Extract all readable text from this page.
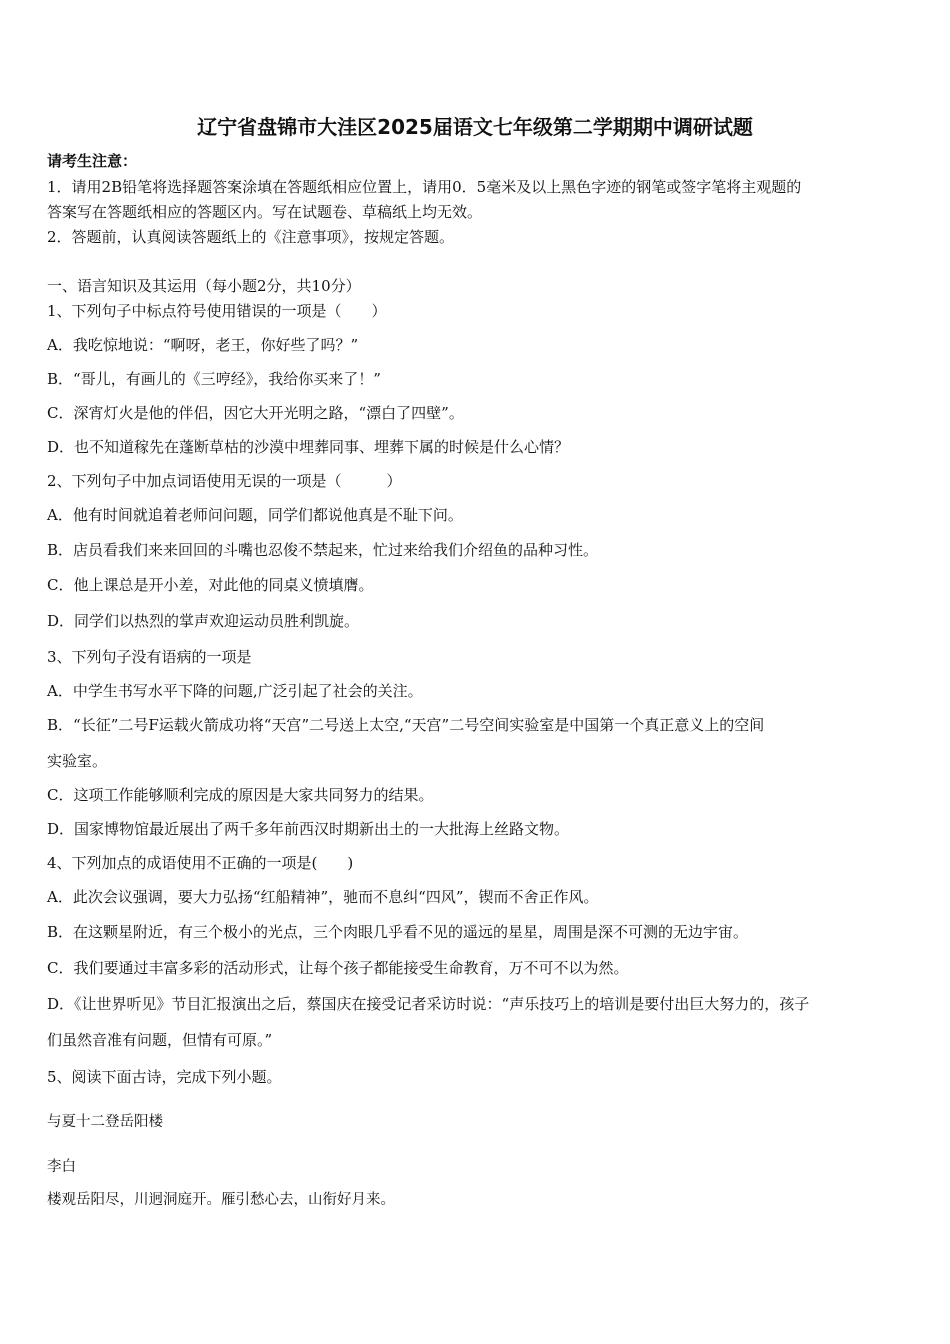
辽宁省盘锦市大洼区2025届语文七年级第二学期期中调研试题
请考生注意：
1．请用2B铅笔将选择题答案涂填在答题纸相应位置上，请用0．5毫米及以上黑色字迹的钢笔或签字笔将主观题的
答案写在答题纸相应的答题区内。写在试题卷、草稿纸上均无效。
2．答题前，认真阅读答题纸上的《注意事项》，按规定答题。
一、语言知识及其运用（每小题2分，共10分）
1、下列句子中标点符号使用错误的一项是（　　）
A．我吃惊地说：“啊呀，老王，你好些了吗？”
B．“哥儿，有画儿的《三哼经》，我给你买来了！”
C．深宵灯火是他的伴侣，因它大开光明之路，“漂白了四壁”。
D．也不知道稼先在蓬断草枯的沙漠中埋葬同事、埋葬下属的时候是什么心情？
2、下列句子中加点词语使用无误的一项是（　　　）
A．他有时间就追着老师问问题，同学们都说他真是不耻下问。
B．店员看我们来来回回的斗嘴也忍俊不禁起来，忙过来给我们介绍鱼的品种习性。
C．他上课总是开小差，对此他的同桌义愤填膺。
D．同学们以热烈的掌声欢迎运动员胜利凯旋。
3、下列句子没有语病的一项是
A．中学生书写水平下降的问题,广泛引起了社会的关注。
B．“长征”二号F运载火箭成功将“天宫”二号送上太空,“天宫”二号空间实验室是中国第一个真正意义上的空间
实验室。
C．这项工作能够顺利完成的原因是大家共同努力的结果。
D．国家博物馆最近展出了两千多年前西汉时期新出土的一大批海上丝路文物。
4、下列加点的成语使用不正确的一项是(　　)
A．此次会议强调，要大力弘扬“红船精神”，驰而不息纠“四风”，锲而不舍正作风。
B．在这颗星附近，有三个极小的光点，三个肉眼几乎看不见的遥远的星星，周围是深不可测的无边宇宙。
C．我们要通过丰富多彩的活动形式，让每个孩子都能接受生命教育，万不可不以为然。
D．《让世界听见》节目汇报演出之后，蔡国庆在接受记者采访时说：“声乐技巧上的培训是要付出巨大努力的，孩子
们虽然音准有问题，但情有可原。”
5、阅读下面古诗，完成下列小题。
与夏十二登岳阳楼
李白
楼观岳阳尽，川迥洞庭开。雁引愁心去，山衔好月来。
